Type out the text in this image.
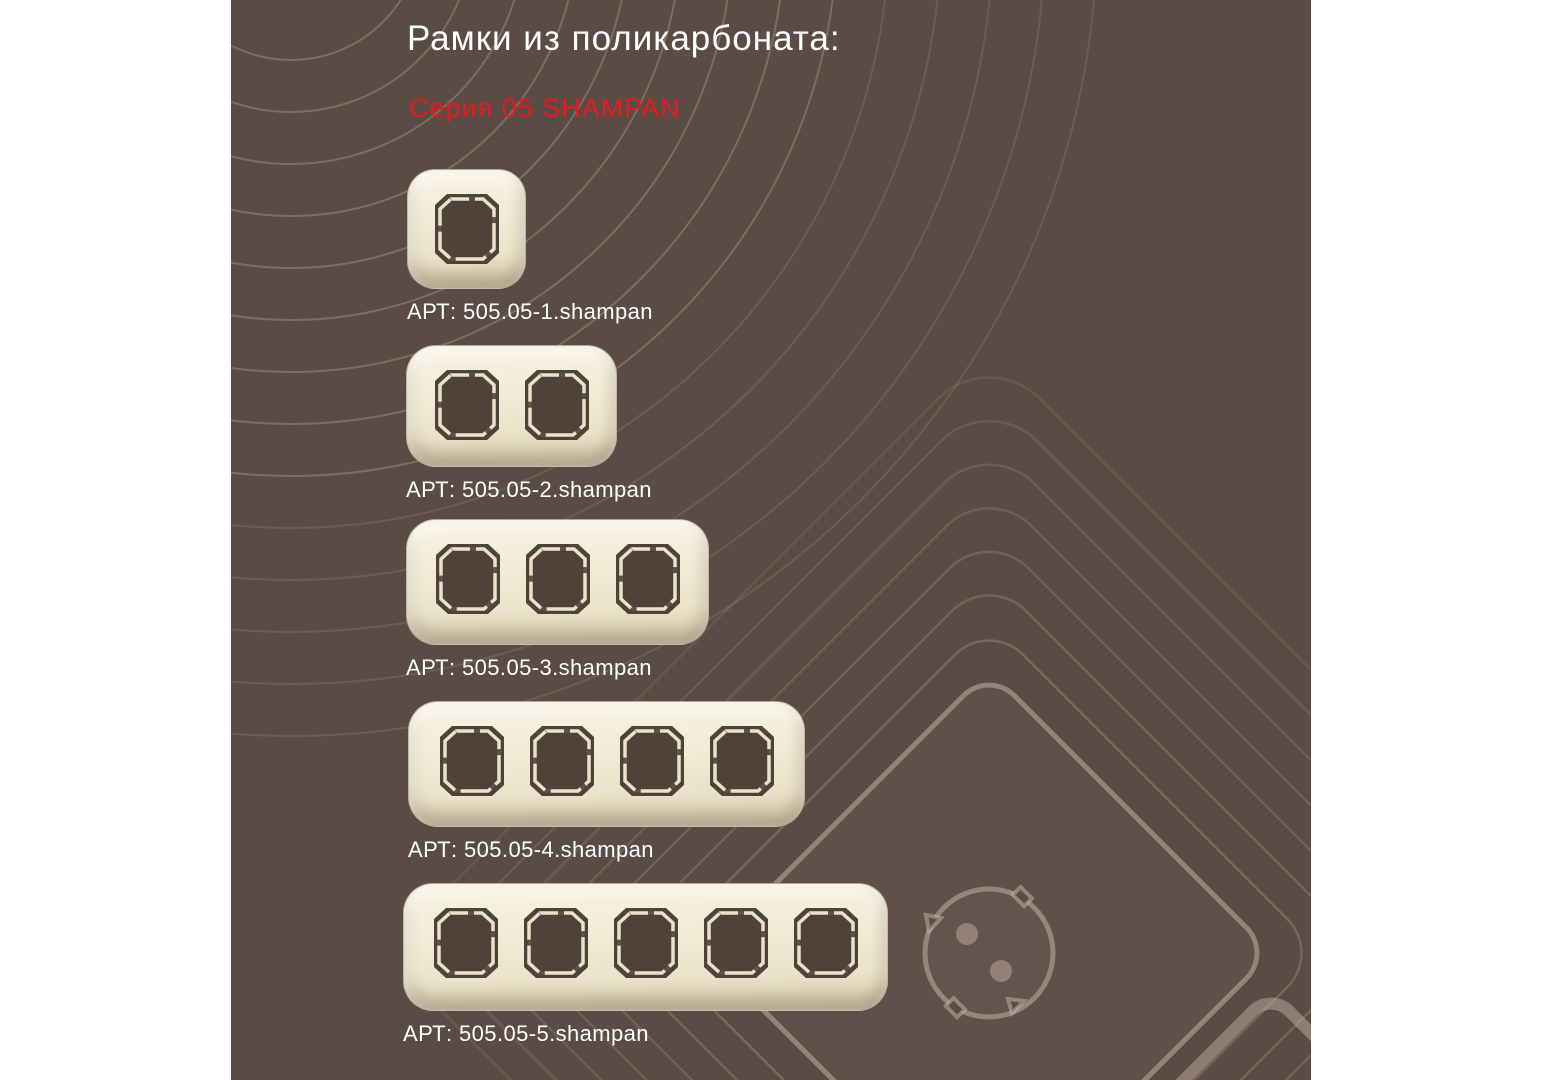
Рамки из поликарбоната:
Серия 05 SHAMPAN
АРТ: 505.05-1.shampan
АРТ: 505.05-2.shampan
АРТ: 505.05-3.shampan
АРТ: 505.05-4.shampan
АРТ: 505.05-5.shampan
